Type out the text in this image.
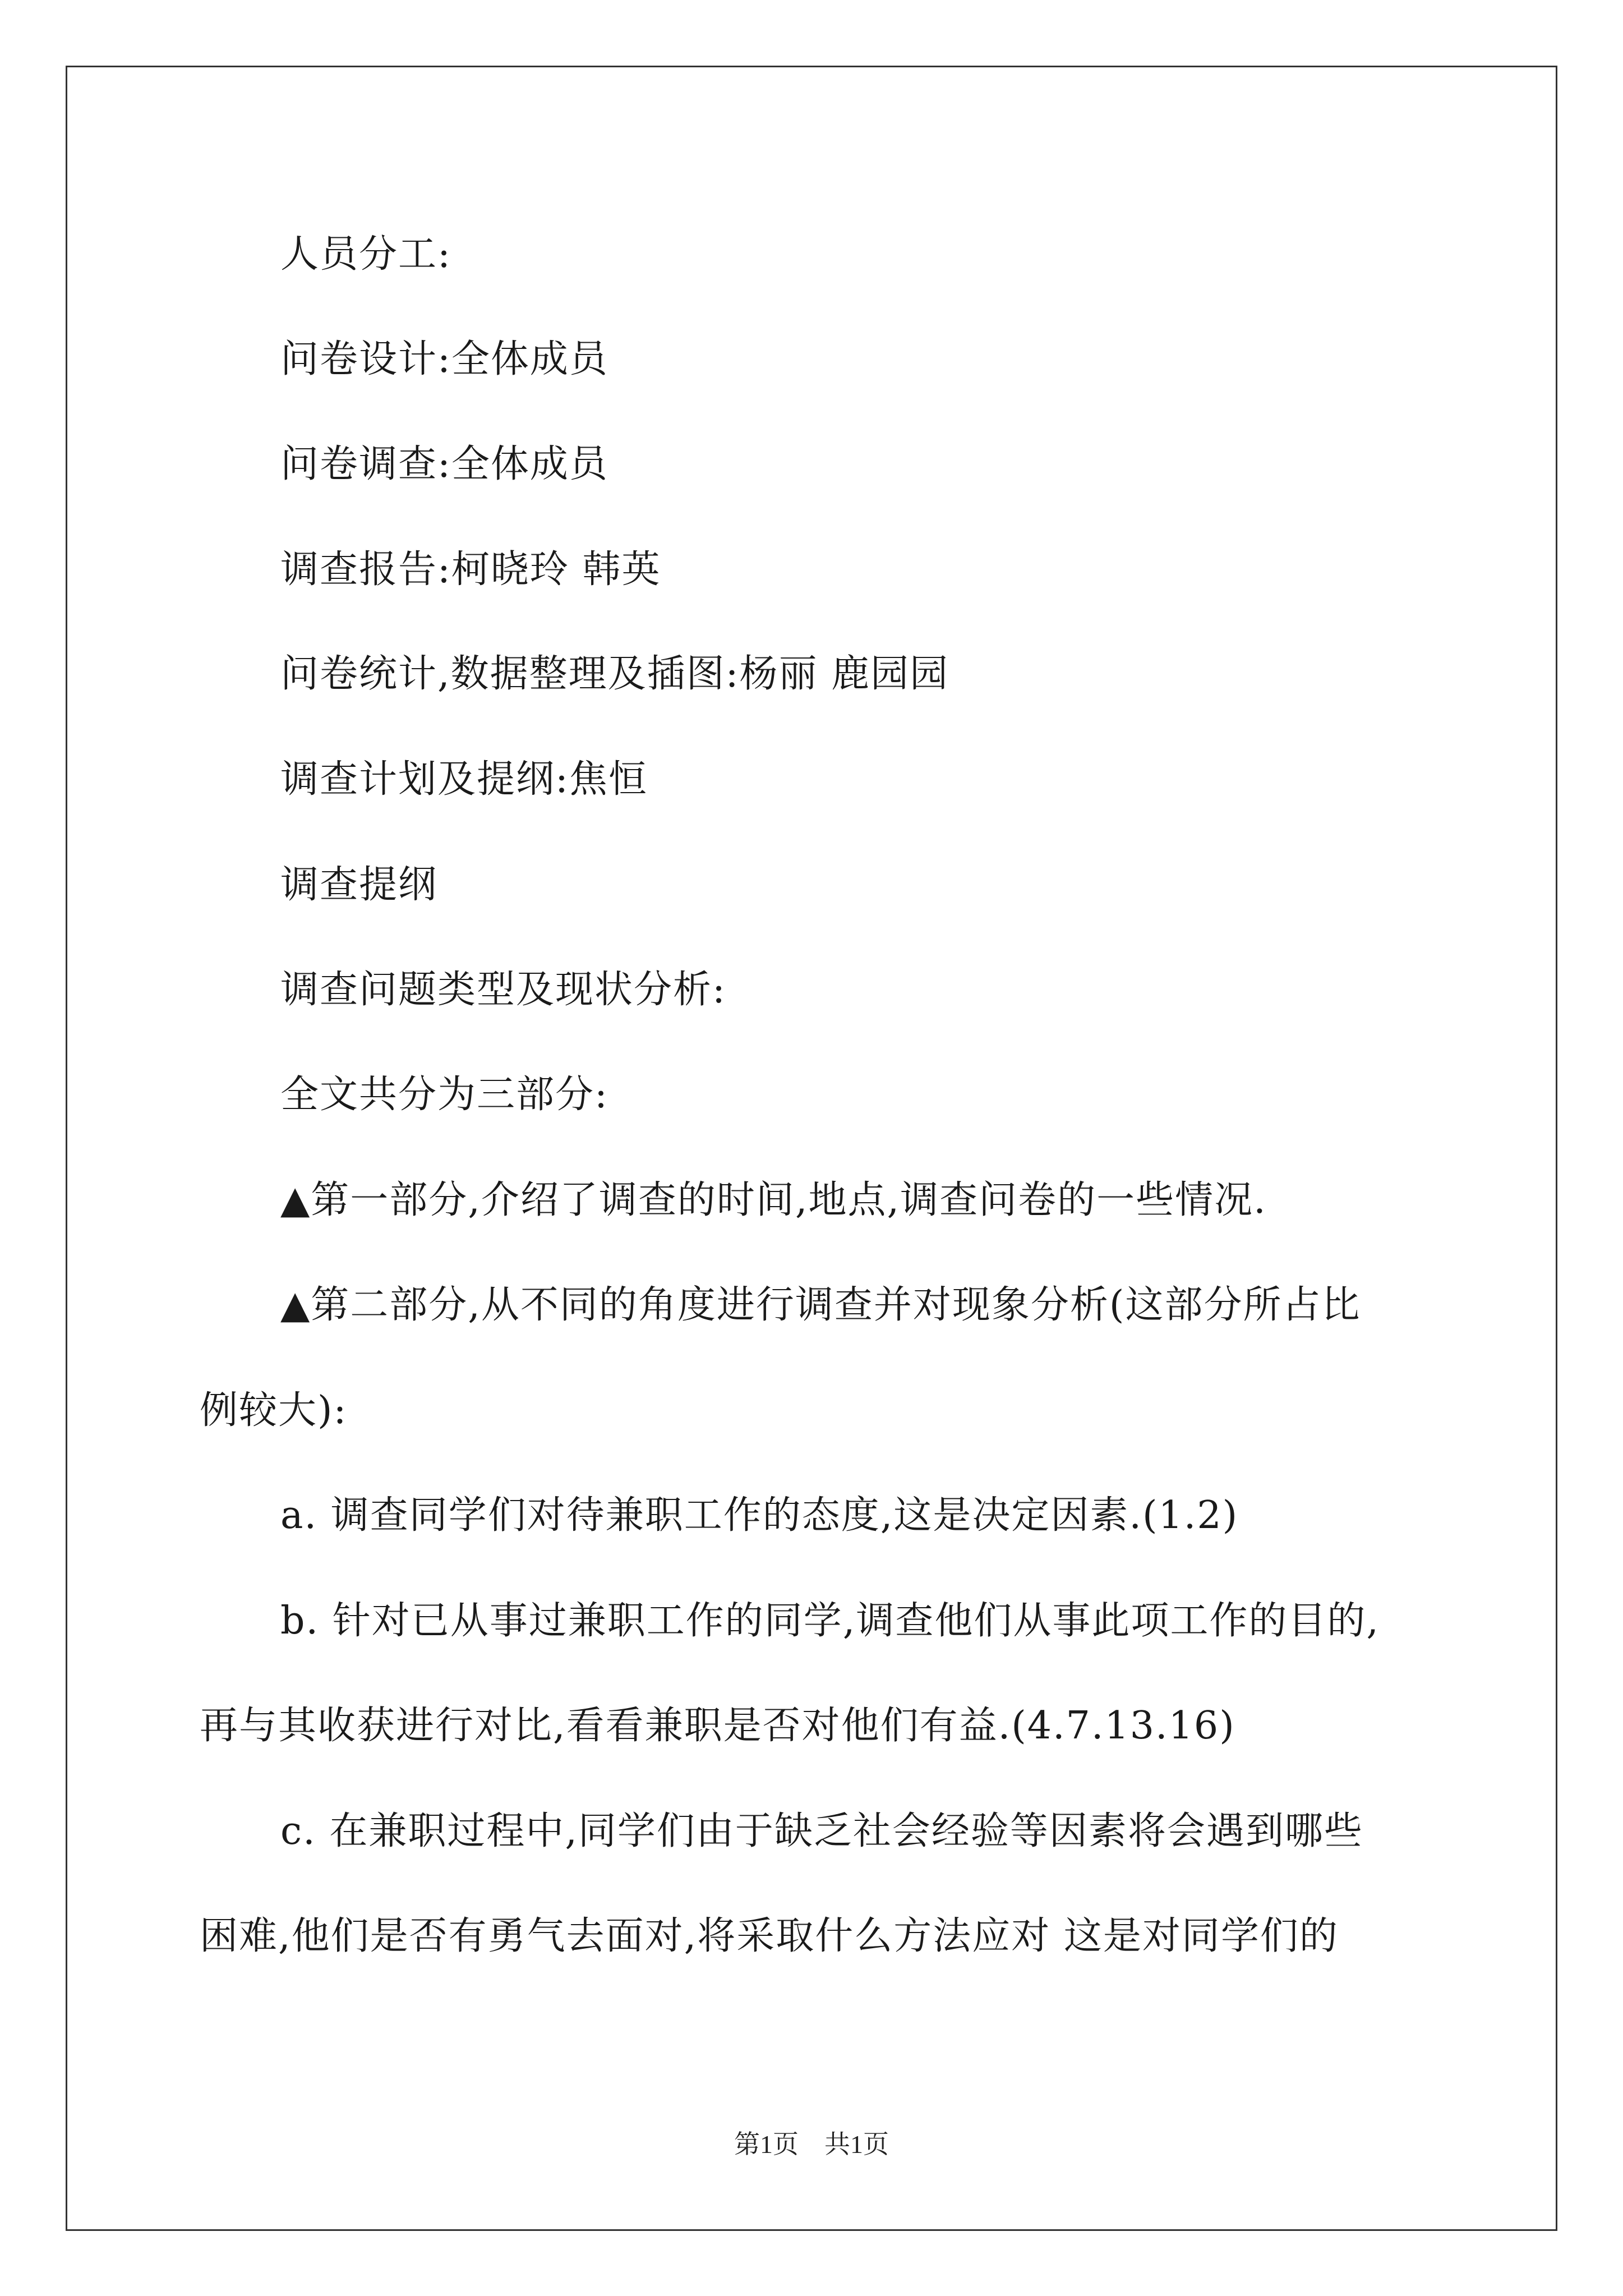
人员分工:
问卷设计:全体成员
问卷调查:全体成员
调查报告:柯晓玲 韩英
问卷统计,数据整理及插图:杨丽 鹿园园
调查计划及提纲:焦恒
调查提纲
调查问题类型及现状分析:
全文共分为三部分:
▲第一部分,介绍了调查的时间,地点,调查问卷的一些情况.
▲第二部分,从不同的角度进行调查并对现象分析(这部分所占比
例较大):
a. 调查同学们对待兼职工作的态度,这是决定因素.(1.2)
b. 针对已从事过兼职工作的同学,调查他们从事此项工作的目的,
再与其收获进行对比,看看兼职是否对他们有益.(4.7.13.16)
c. 在兼职过程中,同学们由于缺乏社会经验等因素将会遇到哪些
困难,他们是否有勇气去面对,将采取什么方法应对 这是对同学们的
第1页　共1页
